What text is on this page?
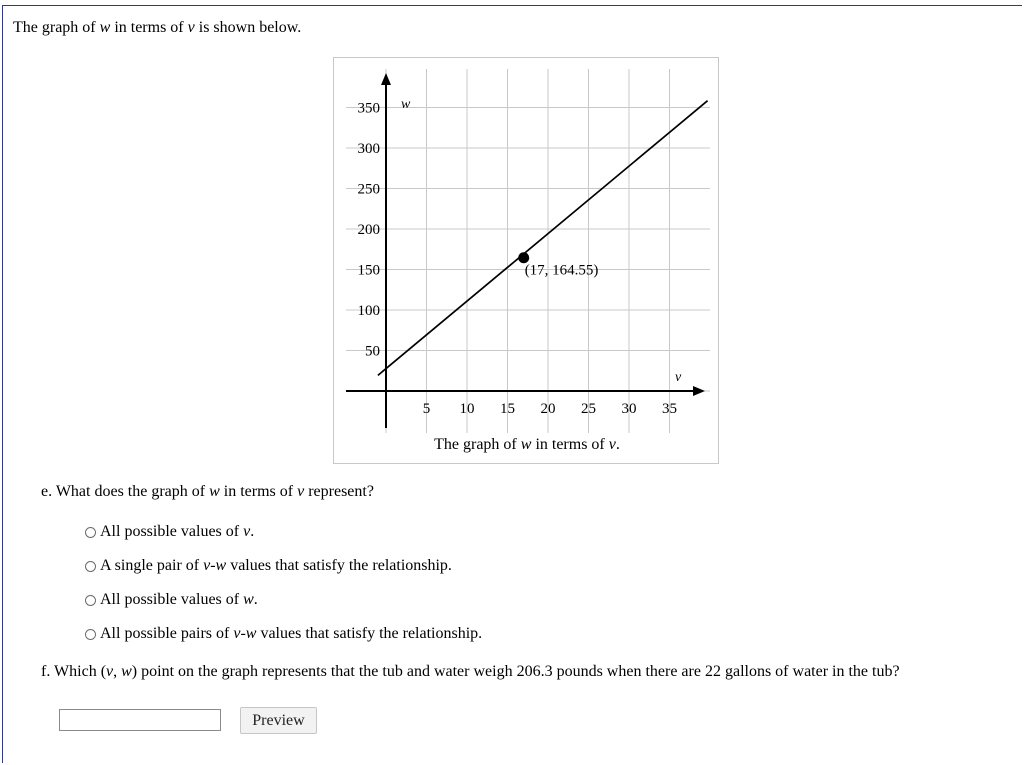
The graph of w in terms of v is shown below.
5 10 15 20 25 30 35
50
100
150
200
250
300
350 w
v
(17, 164.55)
The graph of w in terms of v.
e. What does the graph of w in terms of v represent?
All possible values of v.
A single pair of v-w values that satisfy the relationship.
All possible values of w.
All possible pairs of v-w values that satisfy the relationship.
f. Which (v, w) point on the graph represents that the tub and water weigh 206.3 pounds when there are 22 gallons of water in the tub?
Preview
